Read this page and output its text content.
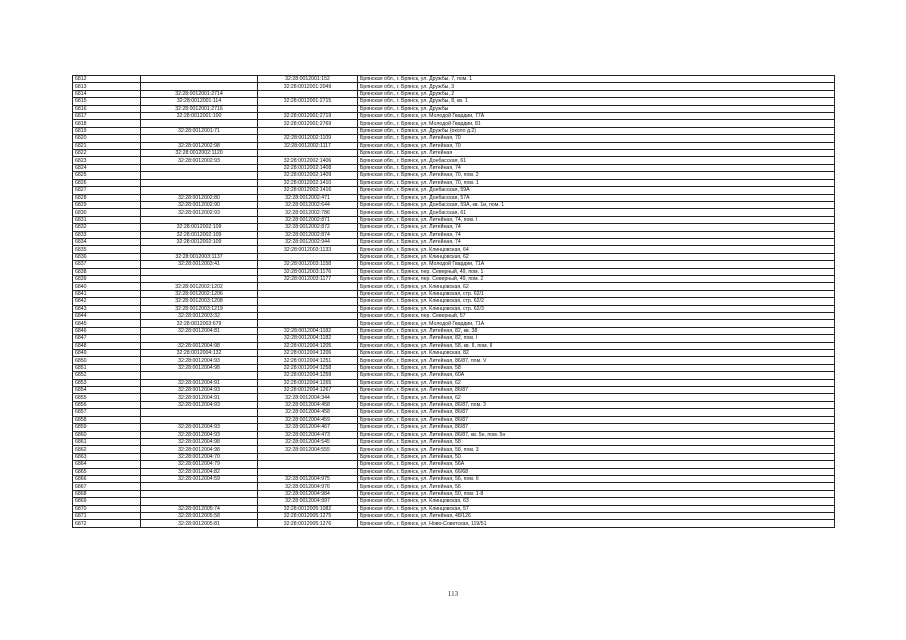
6812		32:28:0012001:152	Брянская обл., г. Брянск, ул. Дружбы, 7, пом. 1
6813		32:28:0012001:2049	Брянская обл., г. Брянск, ул. Дружбы, 3
6814	32:28:0012001:2714		Брянская обл., г. Брянск, ул. Дружбы, 2
6815	32:28:0012001:114	32:28:0012001:2715	Брянская обл., г. Брянск, ул. Дружбы, 8, кв. 1
6816	32:28:0012001:2716		Брянская обл., г. Брянск, ул. Дружбы
6817	32:28:0012001:100	32:28:0012001:2719	Брянская обл., г. Брянск, ул. Молодой Гвардии, 77А
6818		32:28:0012001:2769	Брянская обл., г. Брянск, ул. Молодой Гвардии, 81
6819	32:28:0012001:71		Брянская обл., г. Брянск, ул. Дружбы (около д.2)
6820		32:28:0012002:1109	Брянская обл., г. Брянск, ул. Литейная, 70
6821	32:28:0012002:98	32:28:0012002:1117	Брянская обл., г. Брянск, ул. Литейная, 70
6822	32:28:0012002:1120		Брянская обл., г. Брянск, ул. Литейная
6823	32:28:0012002:93	32:28:0012002:1406	Брянская обл., г. Брянск, ул. Донбасская, 61
6824		32:28:0012002:1408	Брянская обл., г. Брянск, ул. Литейная, 74
6825		32:28:0012002:1409	Брянская обл., г. Брянск, ул. Литейная, 70, пом. 2
6826		32:28:0012002:1410	Брянская обл., г. Брянск, ул. Литейная, 70, пом. 1
6827		32:28:0012002:1416	Брянская обл., г. Брянск, ул. Донбасская, 59А
6828	32:28:0012002:80	32:28:0012002:471	Брянская обл., г. Брянск, ул. Донбасская, 57А
6829	32:28:0012002:90	32:28:0012002:644	Брянская обл., г. Брянск, ул. Донбасская, 59А, кв. 1и, пом. 1
6830	32:28:0012002:93	32:28:0012002:786	Брянская обл., г. Брянск, ул. Донбасская, 61
6831		32:28:0012002:871	Брянская обл., г. Брянск, ул. Литейная, 74, пом. I
6832	32:28:0012002:109	32:28:0012002:872	Брянская обл., г. Брянск, ул. Литейная, 74
6833	32:28:0012002:109	32:28:0012002:874	Брянская обл., г. Брянск, ул. Литейная, 74
6834	32:28:0012002:109	32:28:0012002:944	Брянская обл., г. Брянск, ул. Литейная, 74
6835		32:28:0012003:1133	Брянская обл., г. Брянск, ул. Клинцовская, 64
6836	32:28:0012003:1137		Брянская обл., г. Брянск, ул. Клинцовская, 62
6837	32:28:0012003:41	32:28:0012003:1158	Брянская обл., г. Брянск, ул. Молодой Гвардии, 71А
6838		32:28:0012003:1176	Брянская обл., г. Брянск, пер. Северный, 49, пом. 1
6839		32:28:0012003:1177	Брянская обл., г. Брянск, пер. Северный, 49, пом. 2
6840	32:28:0012002:1202		Брянская обл., г. Брянск, ул. Клинцовская, 62
6841	32:28:0012002:1206		Брянская обл., г. Брянск, ул. Клинцовская, стр. 62/1
6842	32:28:0012003:1208		Брянская обл., г. Брянск, ул. Клинцовская, стр. 62/2
6843	32:28:0012003:1219		Брянская обл., г. Брянск, ул. Клинцовская, стр. 62/3
6844	32:28:0012003:32		Брянская обл., г. Брянск, пер. Северный, 57
6845	32:28:0012003:679		Брянская обл., г. Брянск, ул. Молодой Гвардии, 71А
6846	32:28:0012004:81	32:28:0012004:1182	Брянская обл., г. Брянск, ул. Литейная, 82, кв. 38
6847		32:28:0012004:1182	Брянская обл., г. Брянск, ул. Литейная, 82, пом. I
6848	32:28:0012004:98	32:28:0012004:1205	Брянская обл., г. Брянск, ул. Литейная, 58, кв. II, пом. II
6849	32:28:0012004:132	32:28:0012004:1206	Брянская обл., г. Брянск, ул. Клинцовская, 82
6850	32:28:0012004:93	32:28:0012004:1251	Брянская обл., г. Брянск, ул. Литейная, 86/87, пом. V
6851	32:28:0012004:98	32:28:0012004:1258	Брянская обл., г. Брянск, ул. Литейная, 58
6852		32:28:0012004:1259	Брянская обл., г. Брянск, ул. Литейная, 60А
6853	32:28:0012004:91	32:28:0012004:1265	Брянская обл., г. Брянск, ул. Литейная, 62
6854	32:28:0012004:93	32:28:0012004:1267	Брянская обл., г. Брянск, ул. Литейная, 86/87
6855	32:28:0012004:91	32:28:0012004:344	Брянская обл., г. Брянск, ул. Литейная, 62
6856	32:28:0012004:93	32:28:0012004:458	Брянская обл., г. Брянск, ул. Литейная, 86/87, пом. 3
6857		32:28:0012004:458	Брянская обл., г. Брянск, ул. Литейная, 86/87
6858		32:28:0012004:459	Брянская обл., г. Брянск, ул. Литейная, 86/87
6859	32:28:0012004:93	32:28:0012004:467	Брянская обл., г. Брянск, ул. Литейная, 86/87
6860	32:28:0012004:93	32:28:0012004:473	Брянская обл., г. Брянск, ул. Литейная, 86/87, кв. 5н, пом. 5н
6861	32:28:0012004:98	32:28:0012004:545	Брянская обл., г. Брянск, ул. Литейная, 58
6862	32:28:0012004:98	32:28:0012004:555	Брянская обл., г. Брянск, ул. Литейная, 58, пом. 3
6863	32:28:0012004:70		Брянская обл., г. Брянск, ул. Литейная, 50
6864	32:28:0012004:79		Брянская обл., г. Брянск, ул. Литейная, 56А
6865	32:28:0012004:82		Брянская обл., г. Брянск, ул. Литейная, 66/68
6866	32:28:0012004:59	32:28:0012004:975	Брянская обл., г. Брянск, ул. Литейная, 56, пом. II
6867		32:28:0012004:976	Брянская обл., г. Брянск, ул. Литейная, 56
6868		32:28:0012004:984	Брянская обл., г. Брянск, ул. Литейная, 50, пом. 1-8
6869		32:28:0012004:997	Брянская обл., г. Брянск, ул. Клинцовская, 63
6870	32:28:0012005:74	32:28:0012005:1082	Брянская обл., г. Брянск, ул. Клинцовская, 57
6871	32:28:0012005:58	32:28:0012005:1275	Брянская обл., г. Брянск, ул. Литейная, 48/126
6872	32:28:0012005:81	32:28:0012005:1276	Брянская обл., г. Брянск, ул. Ново-Советская, 119/51
113
